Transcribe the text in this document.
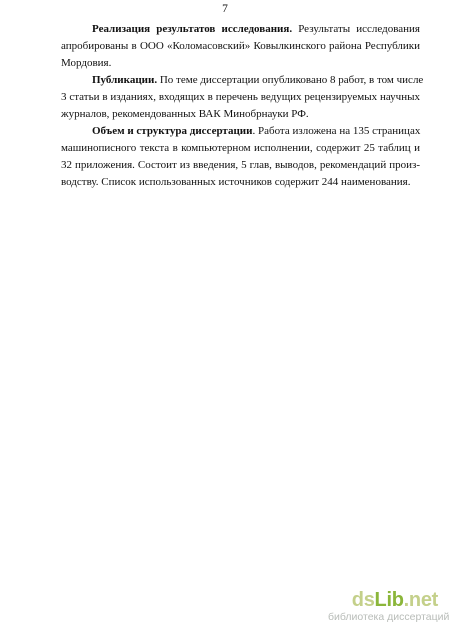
7

Реализация результатов исследования. Результаты исследования
апробированы в ООО «Коломасовский» Ковылкинского района Республики
Мордовия.

Публикации. По теме диссертации опубликовано 8 работ, в том числе
3 статьи в изданиях, входящих в перечень ведущих рецензируемых научных
журналов, рекомендованных ВАК Минобрнауки РФ.

Объем и структура диссертации. Работа изложена на 135 страницах
машинописного текста в компьютерном исполнении, содержит 25 таблиц и
32 приложения. Состоит из введения, 5 глав, выводов, рекомендаций произ-
водству. Список использованных источников содержит 244 наименования.

dsLib.net
библиотека диссертаций
